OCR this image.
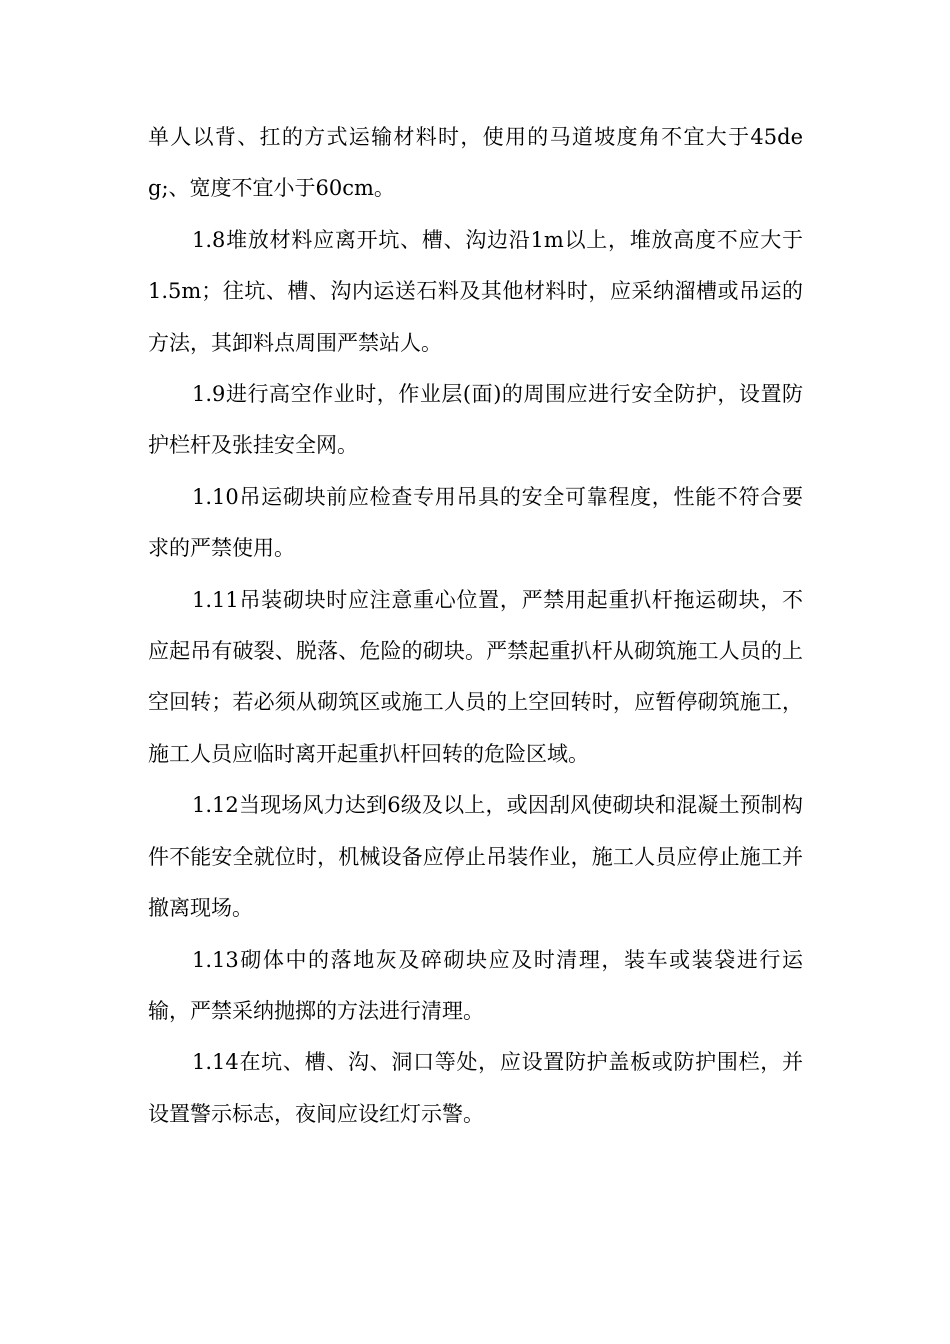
单人以背、扛的方式运输材料时，使用的马道坡度角不宜大于45deg;、宽度不宜小于60cm。

1.8堆放材料应离开坑、槽、沟边沿1m以上，堆放高度不应大于1.5m；往坑、槽、沟内运送石料及其他材料时，应采纳溜槽或吊运的方法，其卸料点周围严禁站人。

1.9进行高空作业时，作业层(面)的周围应进行安全防护，设置防护栏杆及张挂安全网。

1.10吊运砌块前应检查专用吊具的安全可靠程度，性能不符合要求的严禁使用。

1.11吊装砌块时应注意重心位置，严禁用起重扒杆拖运砌块，不应起吊有破裂、脱落、危险的砌块。严禁起重扒杆从砌筑施工人员的上空回转；若必须从砌筑区或施工人员的上空回转时，应暂停砌筑施工，施工人员应临时离开起重扒杆回转的危险区域。

1.12当现场风力达到6级及以上，或因刮风使砌块和混凝土预制构件不能安全就位时，机械设备应停止吊装作业，施工人员应停止施工并撤离现场。

1.13砌体中的落地灰及碎砌块应及时清理，装车或装袋进行运输，严禁采纳抛掷的方法进行清理。

1.14在坑、槽、沟、洞口等处，应设置防护盖板或防护围栏，并设置警示标志，夜间应设红灯示警。
